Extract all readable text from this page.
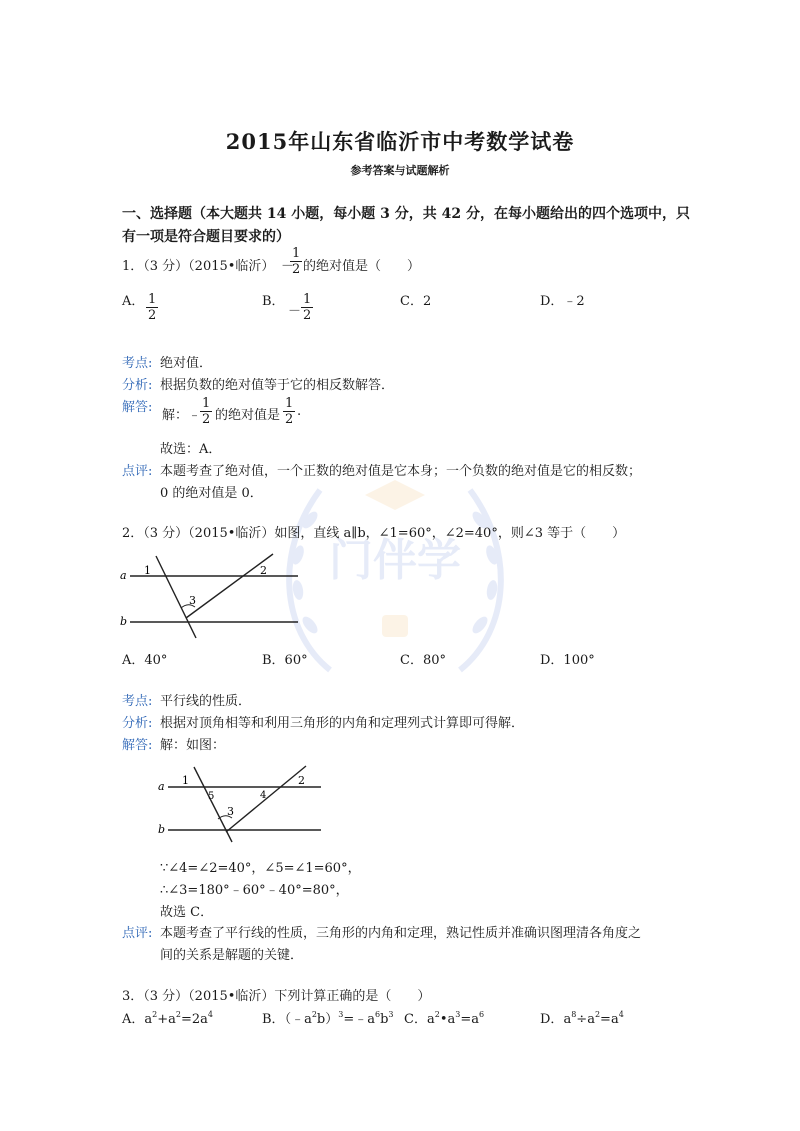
门伴学
2015年山东省临沂市中考数学试卷
参考答案与试题解析
一、选择题（本大题共 14 小题，每小题 3 分，共 42 分，在每小题给出的四个选项中，只
有一项是符合题目要求的）
1．（3 分）（2015•临沂） －
$\frac{1}{2}$ 的绝对值是（　　）
A． $\frac{1}{2}$	B．
－ $\frac{1}{2}$	C．2	D．﹣2
考点: 绝对值．
分析: 根据负数的绝对值等于它的相反数解答．
解答:
解：﹣
$\frac{1}{2}$ 的绝对值是 $\frac{1}{2}$ .
故选：A．
点评: 本题考查了绝对值，一个正数的绝对值是它本身；一个负数的绝对值是它的相反数；
0 的绝对值是 0．
2．（3 分）（2015•临沂）如图，直线 a∥b，∠1=60°，∠2=40°，则∠3 等于（　　）
a
b
1	2
3
A．40°	B．60°	C．80°	D．100°
考点: 平行线的性质．
分析: 根据对顶角相等和利用三角形的内角和定理列式计算即可得解．
解答: 解：如图：
a
b
1	2
5	4
3
∵∠4=∠2=40°，∠5=∠1=60°，
∴∠3=180°﹣60°﹣40°=80°，
故选 C．
点评: 本题考查了平行线的性质，三角形的内角和定理，熟记性质并准确识图理清各角度之
间的关系是解题的关键．
3．（3 分）（2015•临沂）下列计算正确的是（　　）
A．$a^2+a^2=2a^4$	B．$(﹣a^2b)^3=﹣a^6b^3$ C．$a^2•a^3=a^6$	D．$a^8\div a^2=a^4$
